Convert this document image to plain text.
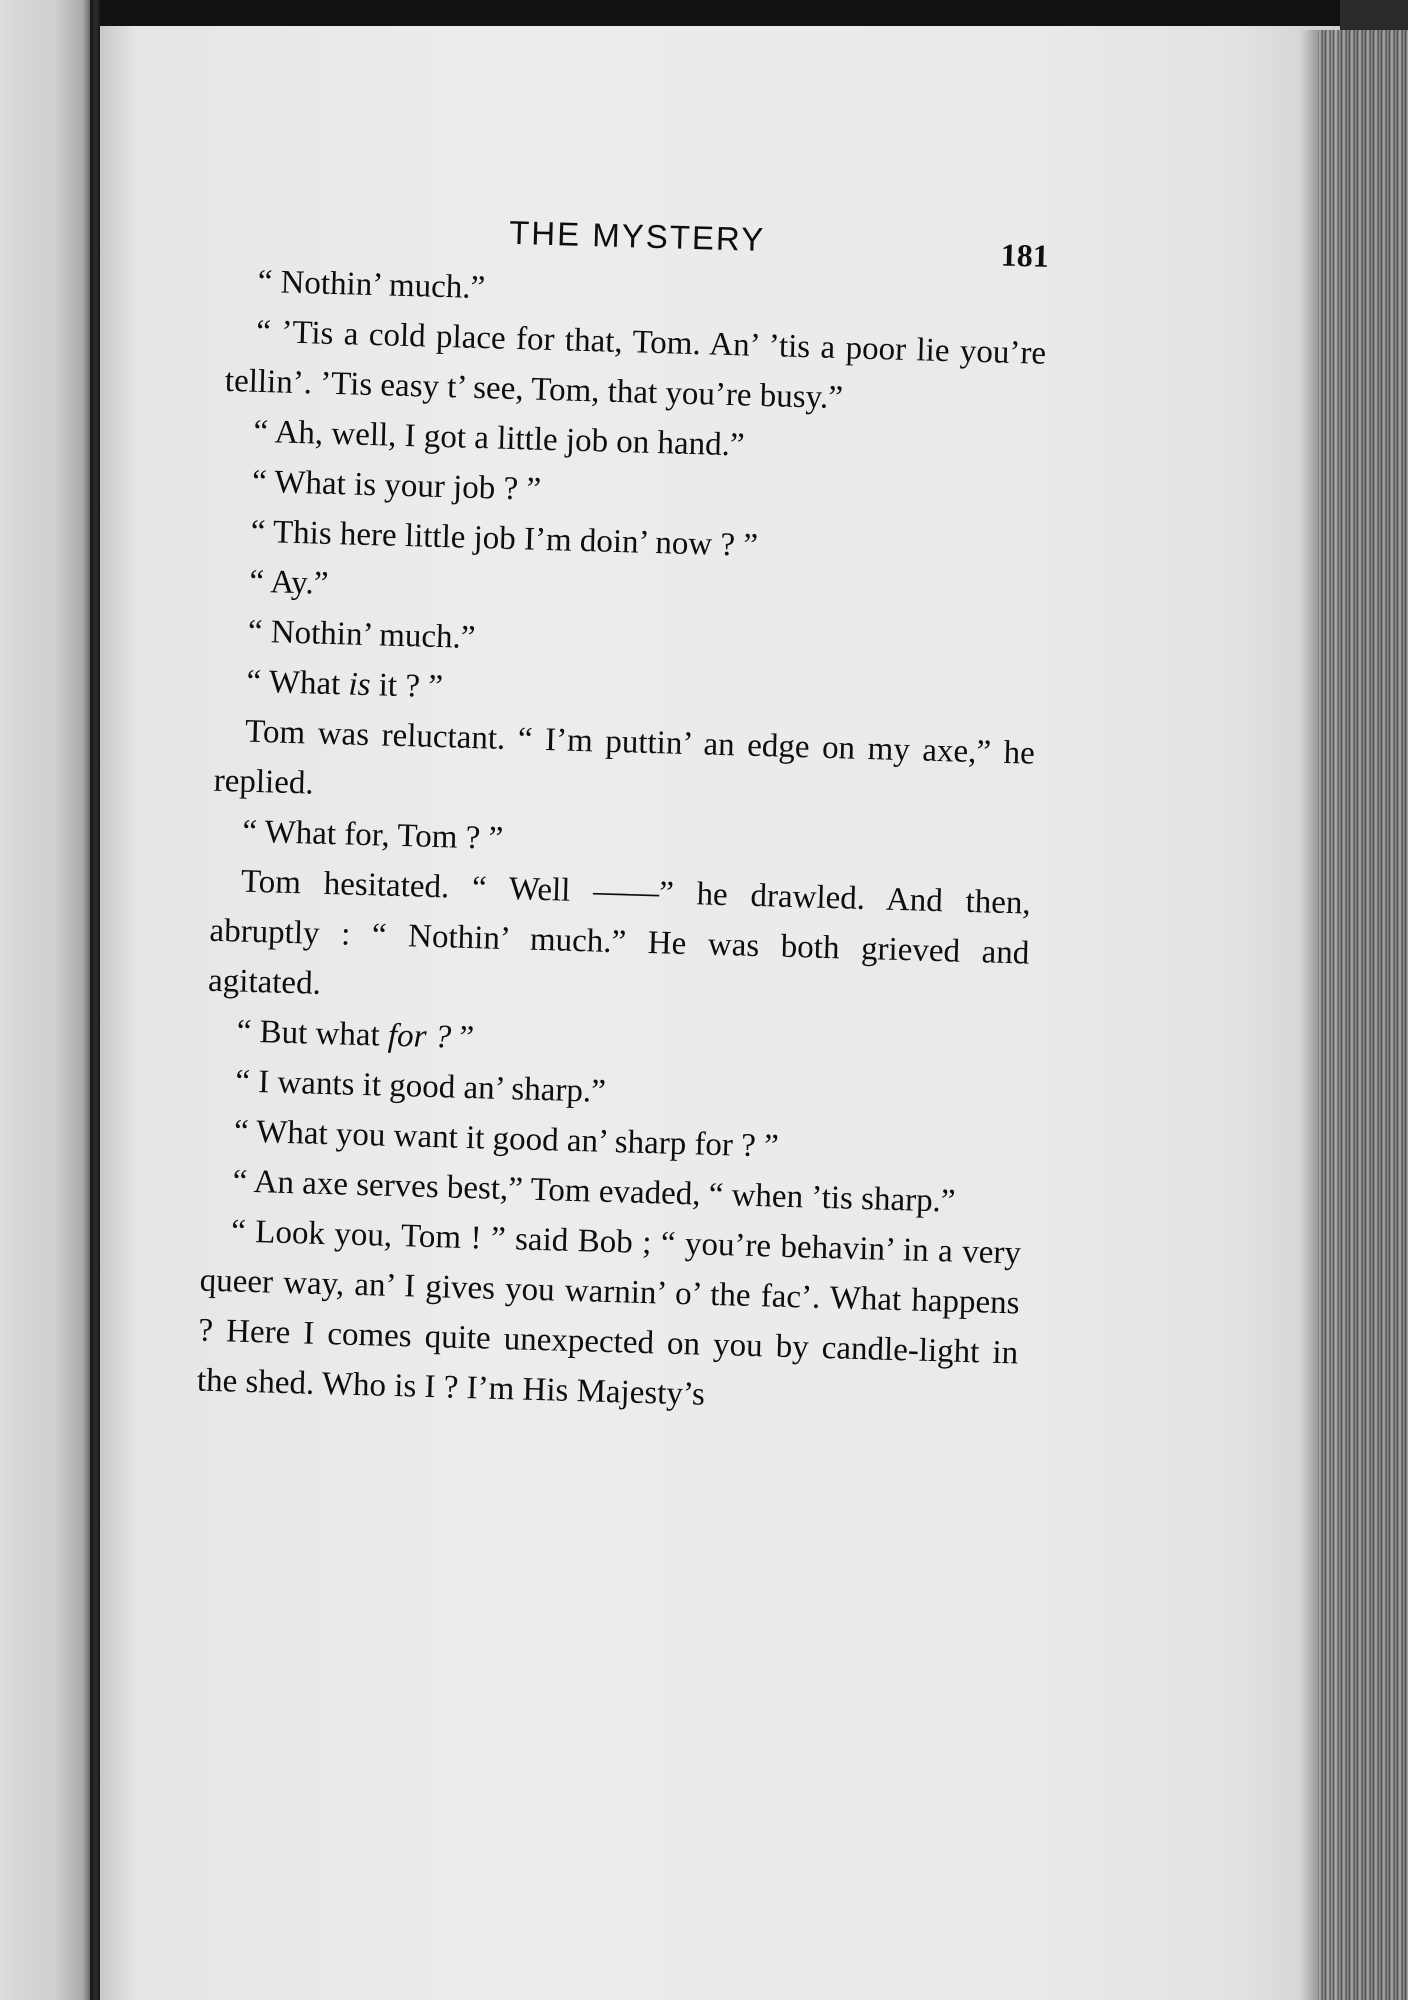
THE MYSTERY	181

“ Nothin’ much.”

“ ’Tis a cold place for that, Tom. An’ ’tis a poor lie you’re tellin’. ’Tis easy t’ see, Tom, that you’re busy.”

“ Ah, well, I got a little job on hand.”

“ What is your job ? ”

“ This here little job I’m doin’ now ? ”

“ Ay.”

“ Nothin’ much.”

“ What is it ? ”

Tom was reluctant. “ I’m puttin’ an edge on my axe,” he replied.

“ What for, Tom ? ”

Tom hesitated. “ Well ——” he drawled. And then, abruptly : “ Nothin’ much.” He was both grieved and agitated.

“ But what for ? ”

“ I wants it good an’ sharp.”

“ What you want it good an’ sharp for ? ”

“ An axe serves best,” Tom evaded, “ when ’tis sharp.”

“ Look you, Tom ! ” said Bob ; “ you’re behavin’ in a very queer way, an’ I gives you warnin’ o’ the fac’. What happens ? Here I comes quite unexpected on you by candle-light in the shed. Who is I ? I’m His Majesty’s
